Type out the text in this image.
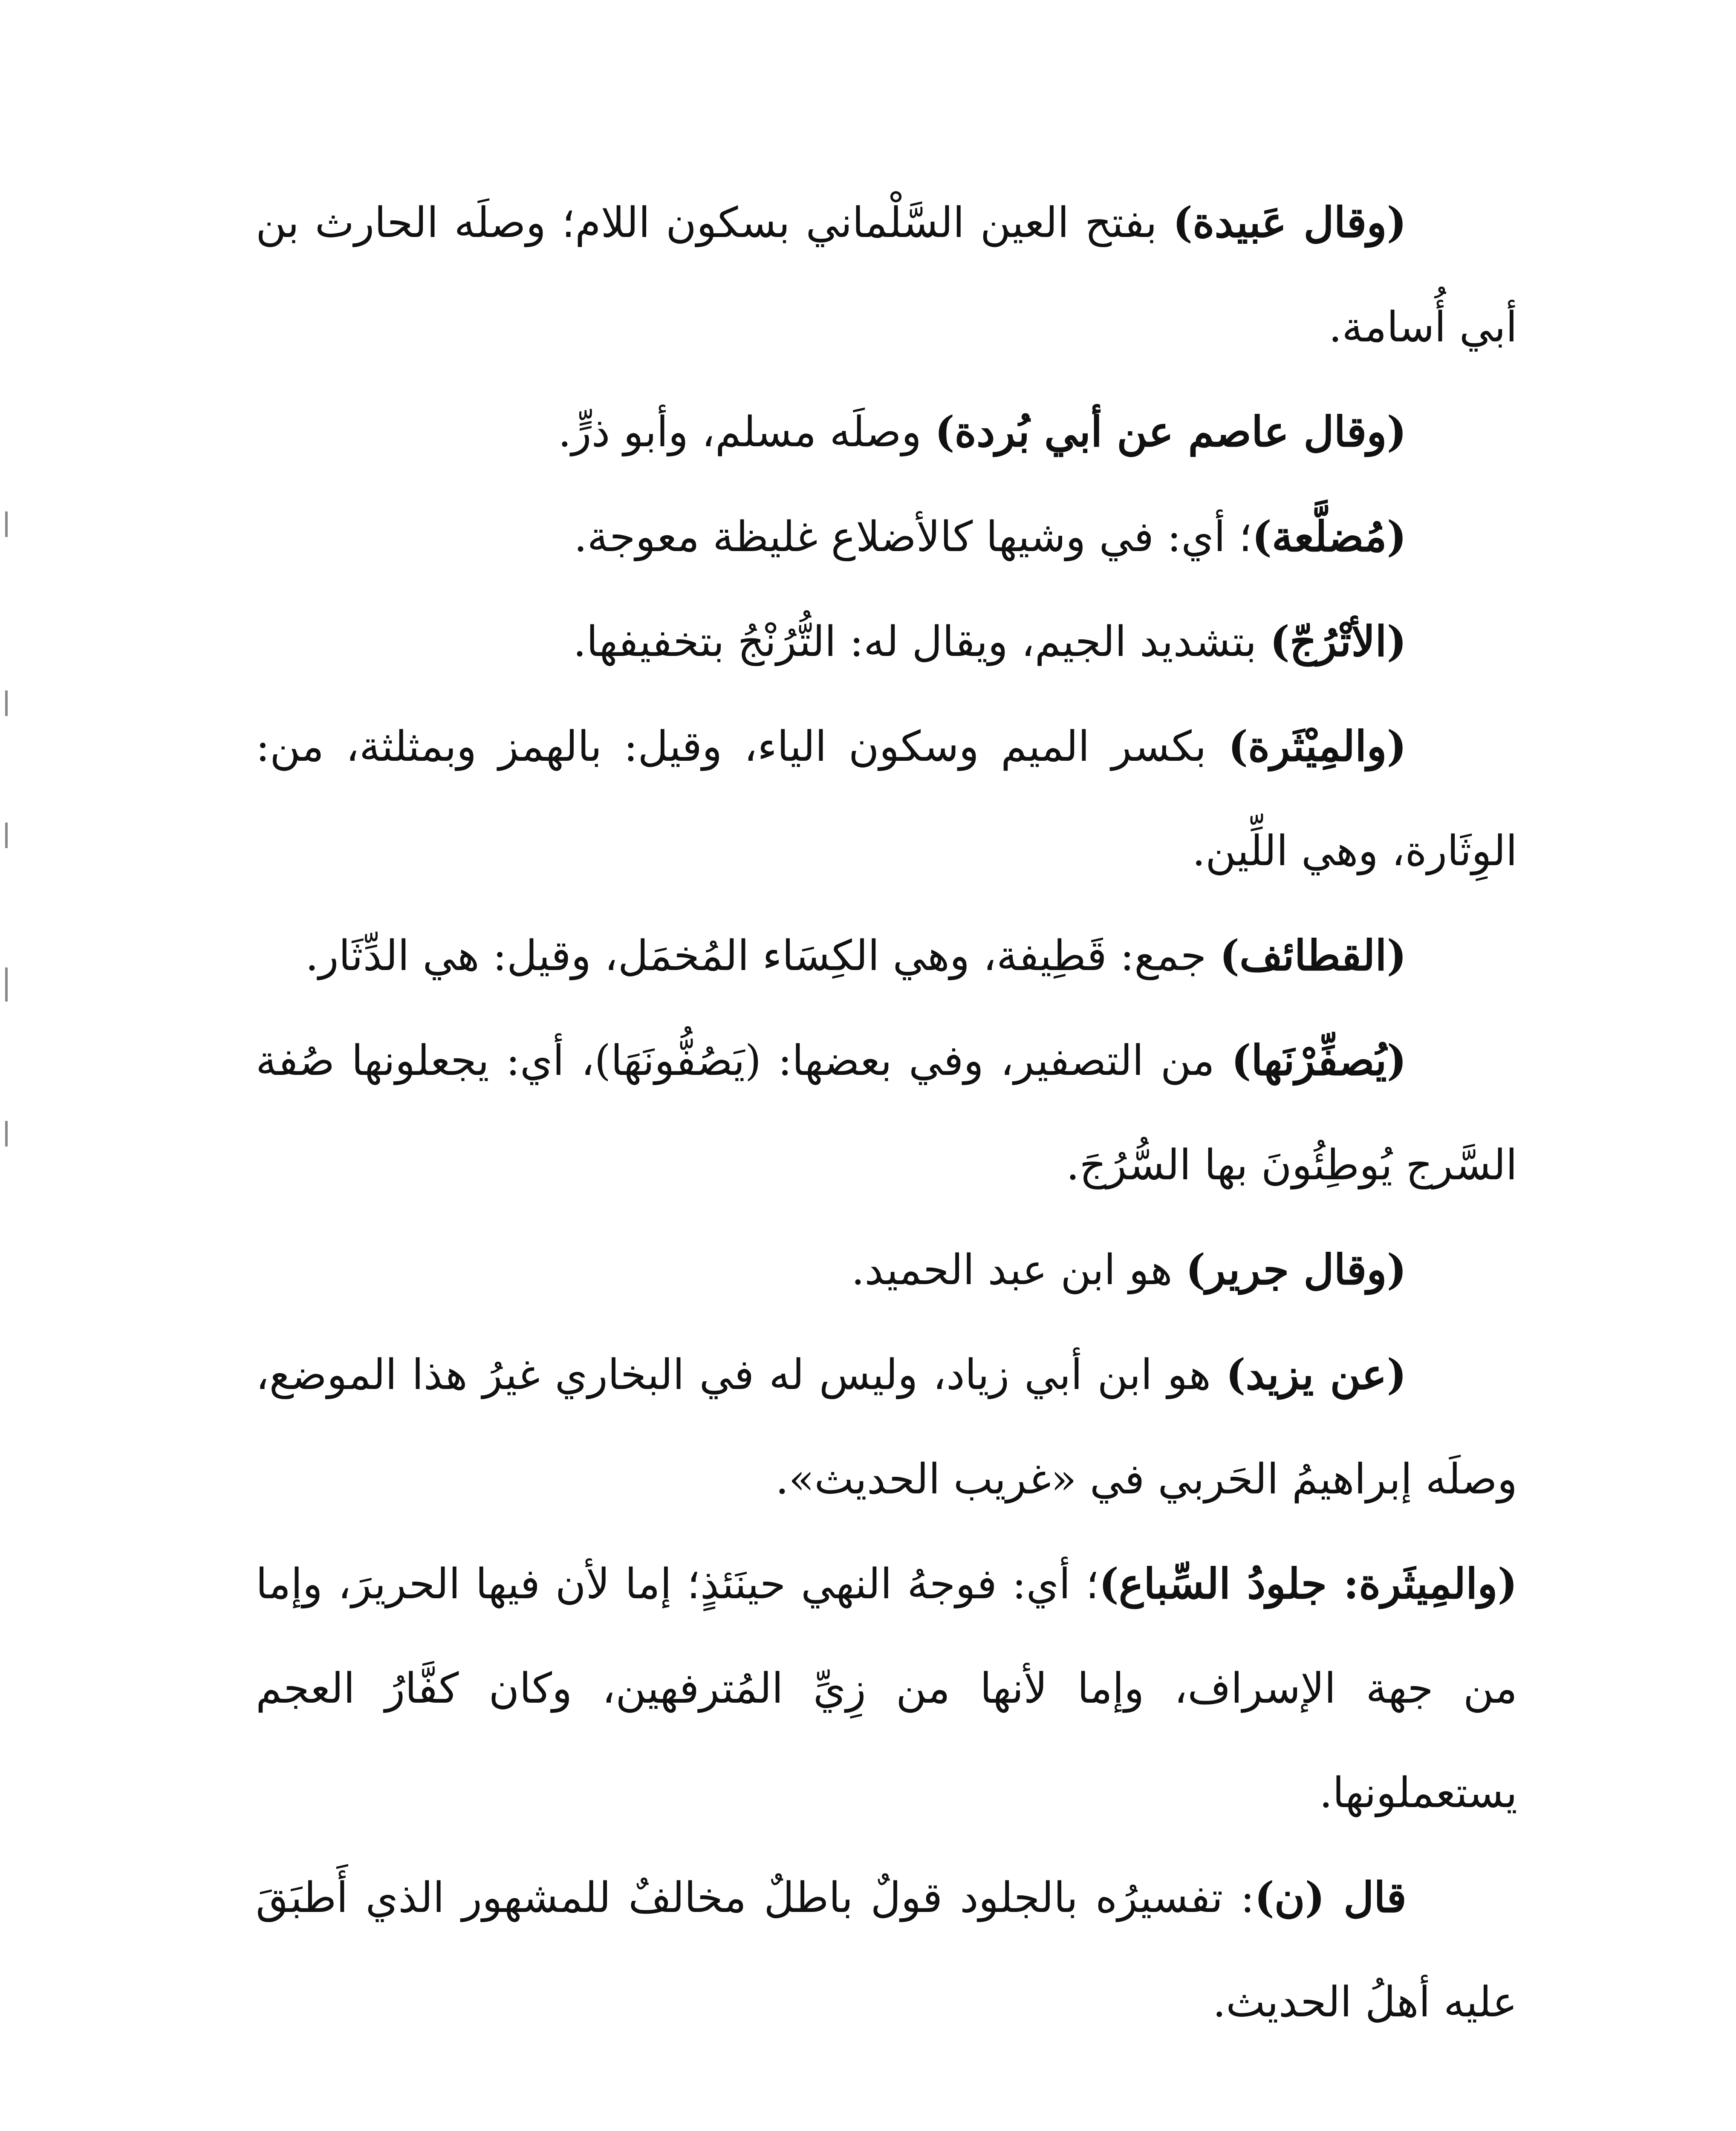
(وقال عَبيدة) بفتح العين السَّلْماني بسكون اللام؛ وصلَه الحارث بن أبي أُسامة.

(وقال عاصم عن أبي بُردة) وصلَه مسلم، وأبو ذرٍّ.

(مُضلَّعة)؛ أي: في وشيها كالأضلاع غليظة معوجة.

(الأتْرُجّ) بتشديد الجيم، ويقال له: التُّرُنْجُ بتخفيفها.

(والمِيْثَرة) بكسر الميم وسكون الياء، وقيل: بالهمز وبمثلثة، من: الوِثَارة، وهي اللِّين.

(القطائف) جمع: قَطِيفة، وهي الكِسَاء المُخمَل، وقيل: هي الدِّثَار.

(يُصفِّرْنَها) من التصفير، وفي بعضها: (يَصُفُّونَهَا)، أي: يجعلونها صُفة السَّرج يُوطِئُونَ بها السُّرُجَ.

(وقال جرير) هو ابن عبد الحميد.

(عن يزيد) هو ابن أبي زياد، وليس له في البخاري غيرُ هذا الموضع، وصلَه إبراهيمُ الحَربي في «غريب الحديث».

(والمِيثَرة: جلودُ السِّباع)؛ أي: فوجهُ النهي حينَئذٍ؛ إما لأن فيها الحريرَ، وإما من جهة الإسراف، وإما لأنها من زِيِّ المُترفهين، وكان كفَّارُ العجم يستعملونها.

قال (ن): تفسيرُه بالجلود قولٌ باطلٌ مخالفٌ للمشهور الذي أَطبَقَ عليه أهلُ الحديث.
